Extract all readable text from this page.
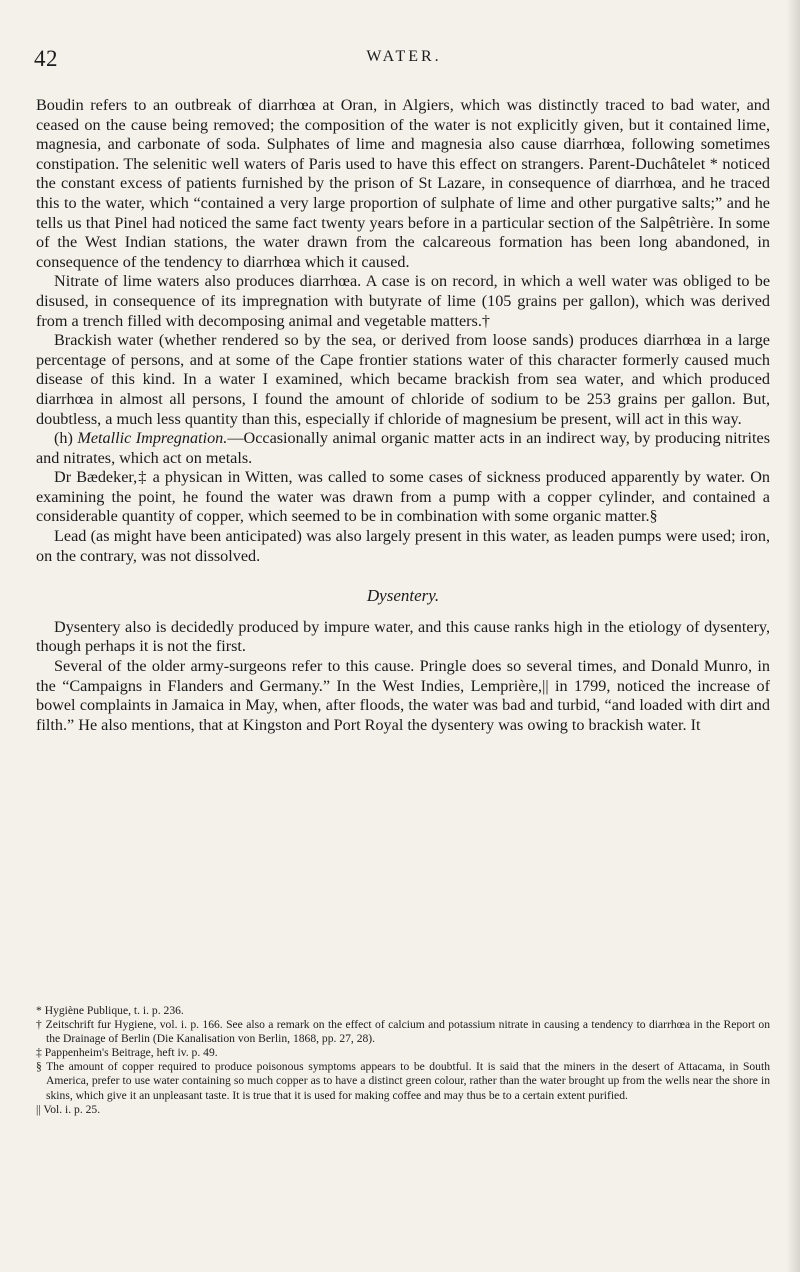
42	WATER.

Boudin refers to an outbreak of diarrhœa at Oran, in Algiers, which was distinctly traced to bad water, and ceased on the cause being removed; the composition of the water is not explicitly given, but it contained lime, magnesia, and carbonate of soda. Sulphates of lime and magnesia also cause diarrhœa, following sometimes constipation. The selenitic well waters of Paris used to have this effect on strangers. Parent-Duchâtelet * noticed the constant excess of patients furnished by the prison of St Lazare, in consequence of diarrhœa, and he traced this to the water, which “contained a very large proportion of sulphate of lime and other purgative salts;” and he tells us that Pinel had noticed the same fact twenty years before in a particular section of the Salpêtrière. In some of the West Indian stations, the water drawn from the calcareous formation has been long abandoned, in consequence of the tendency to diarrhœa which it caused.

Nitrate of lime waters also produces diarrhœa. A case is on record, in which a well water was obliged to be disused, in consequence of its impregnation with butyrate of lime (105 grains per gallon), which was derived from a trench filled with decomposing animal and vegetable matters.†

Brackish water (whether rendered so by the sea, or derived from loose sands) produces diarrhœa in a large percentage of persons, and at some of the Cape frontier stations water of this character formerly caused much disease of this kind. In a water I examined, which became brackish from sea water, and which produced diarrhœa in almost all persons, I found the amount of chloride of sodium to be 253 grains per gallon. But, doubtless, a much less quantity than this, especially if chloride of magnesium be present, will act in this way.

(h) Metallic Impregnation.—Occasionally animal organic matter acts in an indirect way, by producing nitrites and nitrates, which act on metals.

Dr Bædeker,‡ a physican in Witten, was called to some cases of sickness produced apparently by water. On examining the point, he found the water was drawn from a pump with a copper cylinder, and contained a considerable quantity of copper, which seemed to be in combination with some organic matter.§

Lead (as might have been anticipated) was also largely present in this water, as leaden pumps were used; iron, on the contrary, was not dissolved.

Dysentery.

Dysentery also is decidedly produced by impure water, and this cause ranks high in the etiology of dysentery, though perhaps it is not the first.

Several of the older army-surgeons refer to this cause. Pringle does so several times, and Donald Munro, in the “Campaigns in Flanders and Germany.” In the West Indies, Lemprière,|| in 1799, noticed the increase of bowel complaints in Jamaica in May, when, after floods, the water was bad and turbid, “and loaded with dirt and filth.” He also mentions, that at Kingston and Port Royal the dysentery was owing to brackish water. It

* Hygiène Publique, t. i. p. 236.

† Zeitschrift fur Hygiene, vol. i. p. 166. See also a remark on the effect of calcium and potassium nitrate in causing a tendency to diarrhœa in the Report on the Drainage of Berlin (Die Kanalisation von Berlin, 1868, pp. 27, 28).

‡ Pappenheim's Beitrage, heft iv. p. 49.

§ The amount of copper required to produce poisonous symptoms appears to be doubtful. It is said that the miners in the desert of Attacama, in South America, prefer to use water containing so much copper as to have a distinct green colour, rather than the water brought up from the wells near the shore in skins, which give it an unpleasant taste. It is true that it is used for making coffee and may thus be to a certain extent purified.

|| Vol. i. p. 25.
